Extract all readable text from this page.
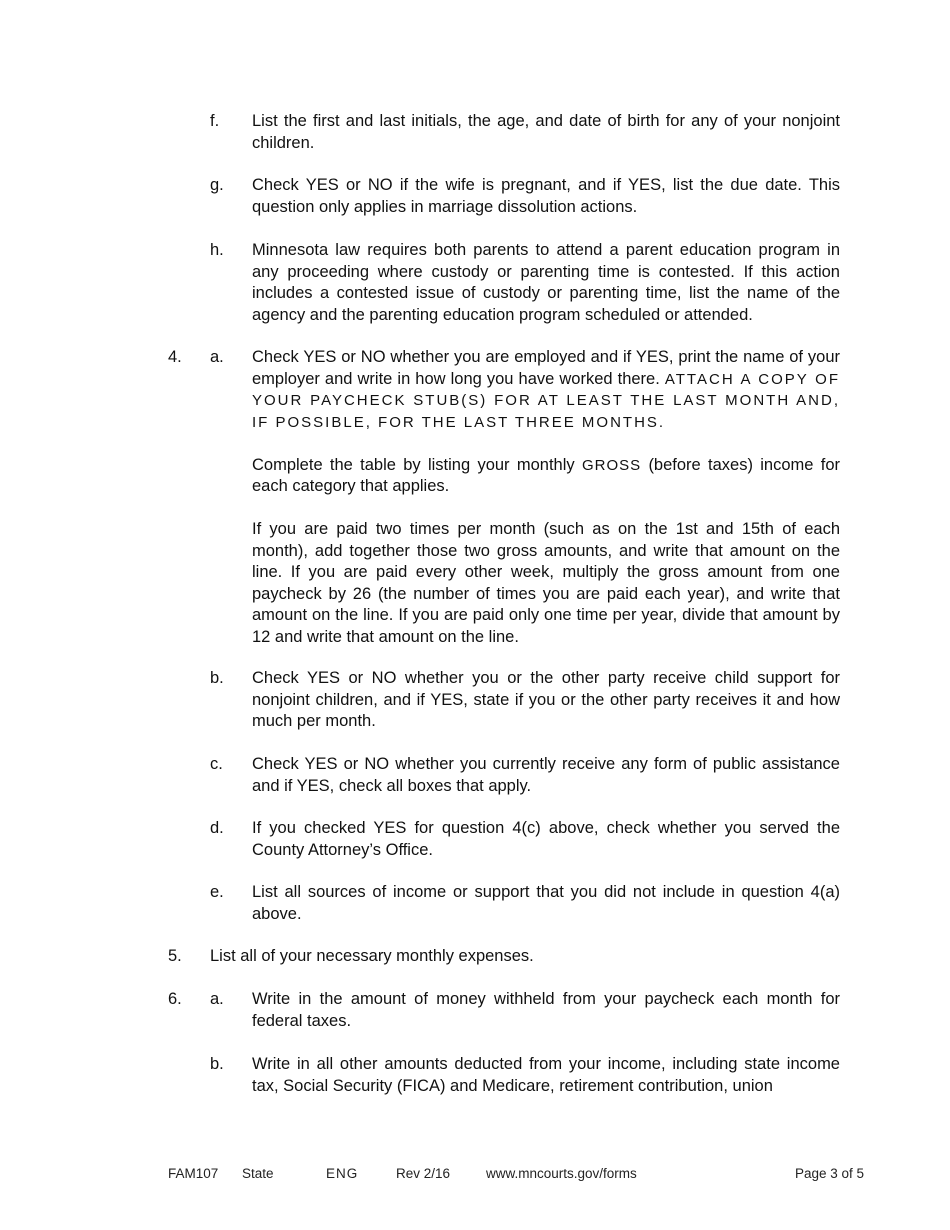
f. List the first and last initials, the age, and date of birth for any of your nonjoint children.
g. Check YES or NO if the wife is pregnant, and if YES, list the due date. This question only applies in marriage dissolution actions.
h. Minnesota law requires both parents to attend a parent education program in any proceeding where custody or parenting time is contested. If this action includes a contested issue of custody or parenting time, list the name of the agency and the parenting education program scheduled or attended.
4. a. Check YES or NO whether you are employed and if YES, print the name of your employer and write in how long you have worked there. ATTACH A COPY OF YOUR PAYCHECK STUB(S) FOR AT LEAST THE LAST MONTH AND, IF POSSIBLE, FOR THE LAST THREE MONTHS.
Complete the table by listing your monthly GROSS (before taxes) income for each category that applies.
If you are paid two times per month (such as on the 1st and 15th of each month), add together those two gross amounts, and write that amount on the line. If you are paid every other week, multiply the gross amount from one paycheck by 26 (the number of times you are paid each year), and write that amount on the line. If you are paid only one time per year, divide that amount by 12 and write that amount on the line.
b. Check YES or NO whether you or the other party receive child support for nonjoint children, and if YES, state if you or the other party receives it and how much per month.
c. Check YES or NO whether you currently receive any form of public assistance and if YES, check all boxes that apply.
d. If you checked YES for question 4(c) above, check whether you served the County Attorney’s Office.
e. List all sources of income or support that you did not include in question 4(a) above.
5. List all of your necessary monthly expenses.
6. a. Write in the amount of money withheld from your paycheck each month for federal taxes.
b. Write in all other amounts deducted from your income, including state income tax, Social Security (FICA) and Medicare, retirement contribution, union
FAM107 State	ENG	Rev 2/16	www.mncourts.gov/forms	Page 3 of 5
